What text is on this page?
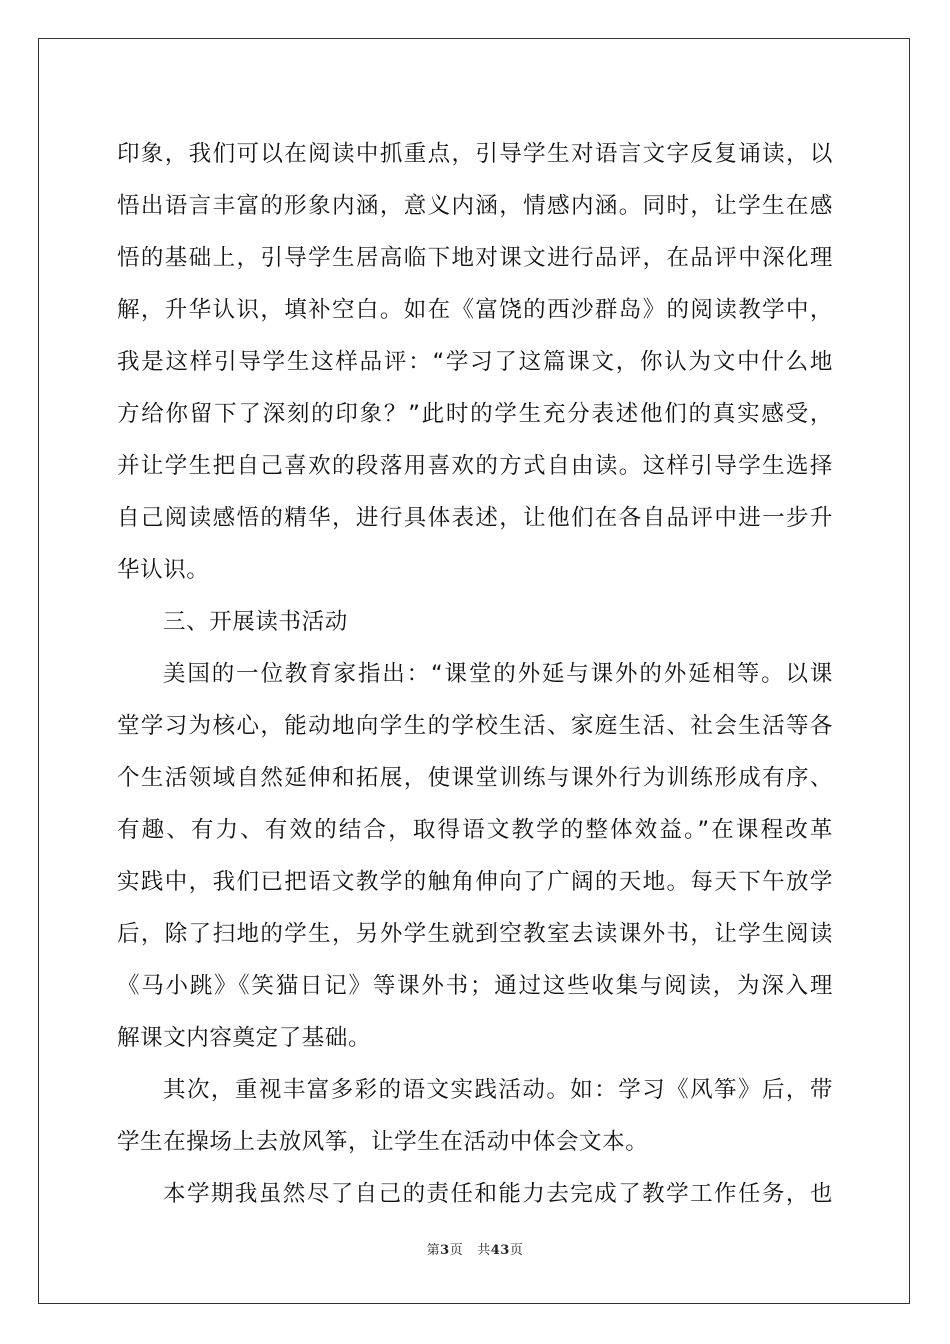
印象，我们可以在阅读中抓重点，引导学生对语言文字反复诵读，以
悟出语言丰富的形象内涵，意义内涵，情感内涵。同时，让学生在感
悟的基础上，引导学生居高临下地对课文进行品评，在品评中深化理
解，升华认识，填补空白。如在《富饶的西沙群岛》的阅读教学中，
我是这样引导学生这样品评：“学习了这篇课文，你认为文中什么地
方给你留下了深刻的印象？”此时的学生充分表述他们的真实感受，
并让学生把自己喜欢的段落用喜欢的方式自由读。这样引导学生选择
自己阅读感悟的精华，进行具体表述，让他们在各自品评中进一步升
华认识。
三、开展读书活动
美国的一位教育家指出：“课堂的外延与课外的外延相等。以课
堂学习为核心，能动地向学生的学校生活、家庭生活、社会生活等各
个生活领域自然延伸和拓展，使课堂训练与课外行为训练形成有序、
有趣、有力、有效的结合，取得语文教学的整体效益。”在课程改革
实践中，我们已把语文教学的触角伸向了广阔的天地。每天下午放学
后，除了扫地的学生，另外学生就到空教室去读课外书，让学生阅读
《马小跳》《笑猫日记》等课外书；通过这些收集与阅读，为深入理
解课文内容奠定了基础。
其次，重视丰富多彩的语文实践活动。如：学习《风筝》后，带
学生在操场上去放风筝，让学生在活动中体会文本。
本学期我虽然尽了自己的责任和能力去完成了教学工作任务，也
第3页 共43页
